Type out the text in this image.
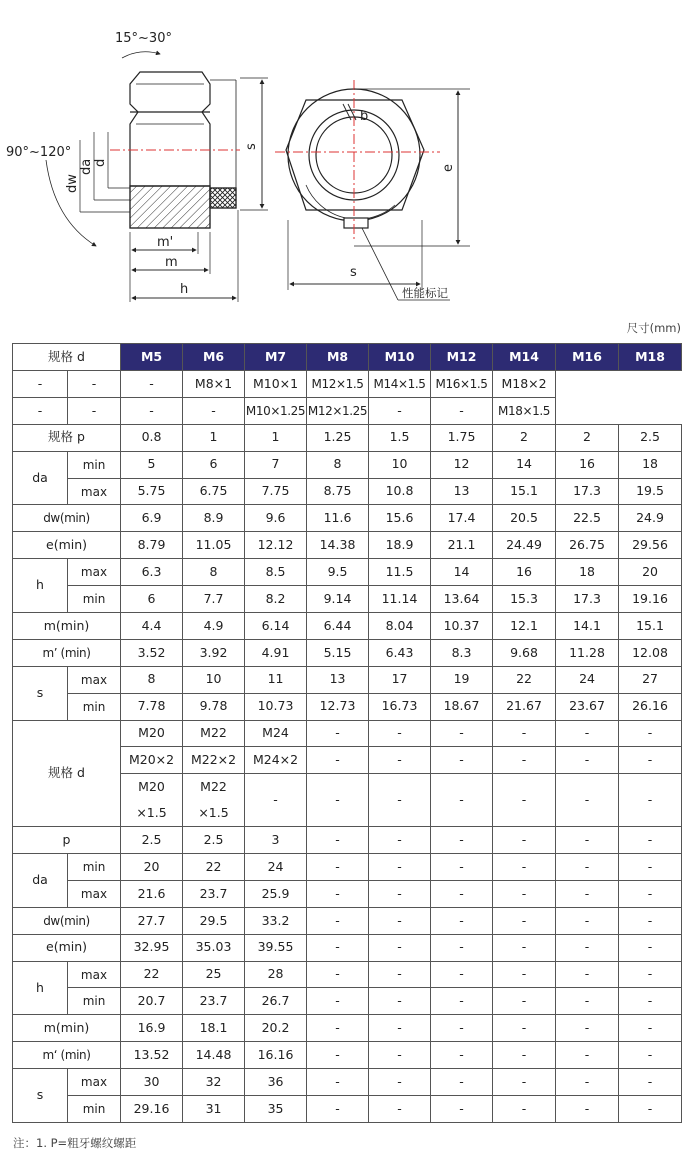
15°~30°
90°~120°
dw
da d
s
m'
m
h
b
e
s
性能标记
尺寸(mm)
规格 d		M5	M6	M7	M8	M10	M12	M14	M16	M18
-	-	-	M8×1	M10×1	M12×1.5	M14×1.5	M16×1.5	M18×2		
-	-	-	-	M10×1.25	M12×1.25	-	-	M18×1.5		
规格 p		0.8	1	1	1.25	1.5	1.75	2	2	2.5
da	min	5	6	7	8	10	12	14	16	18
	max	5.75	6.75	7.75	8.75	10.8	13	15.1	17.3	19.5
dw(min)		6.9	8.9	9.6	11.6	15.6	17.4	20.5	22.5	24.9
e(min)		8.79	11.05	12.12	14.38	18.9	21.1	24.49	26.75	29.56
h	max	6.3	8	8.5	9.5	11.5	14	16	18	20
	min	6	7.7	8.2	9.14	11.14	13.64	15.3	17.3	19.16
m(min)		4.4	4.9	6.14	6.44	8.04	10.37	12.1	14.1	15.1
m’ (min)		3.52	3.92	4.91	5.15	6.43	8.3	9.68	11.28	12.08
s	max	8	10	11	13	17	19	22	24	27
	min	7.78	9.78	10.73	12.73	16.73	18.67	21.67	23.67	26.16
规格 d		M20	M22	M24	-	-	-	-	-	-
		M20×2	M22×2	M24×2	-	-	-	-	-	-
		M20	M22	-	-	-	-	-	-	-
		×1.5	×1.5							
p		2.5	2.5	3	-	-	-	-	-	-
da	min	20	22	24	-	-	-	-	-	-
	max	21.6	23.7	25.9	-	-	-	-	-	-
dw(min)		27.7	29.5	33.2	-	-	-	-	-	-
e(min)		32.95	35.03	39.55	-	-	-	-	-	-
h	max	22	25	28	-	-	-	-	-	-
	min	20.7	23.7	26.7	-	-	-	-	-	-
m(min)		16.9	18.1	20.2	-	-	-	-	-	-
m‘ (min)		13.52	14.48	16.16	-	-	-	-	-	-
s	max	30	32	36	-	-	-	-	-	-
	min	29.16	31	35	-	-	-	-	-	-
注：1. P=粗牙螺纹螺距
